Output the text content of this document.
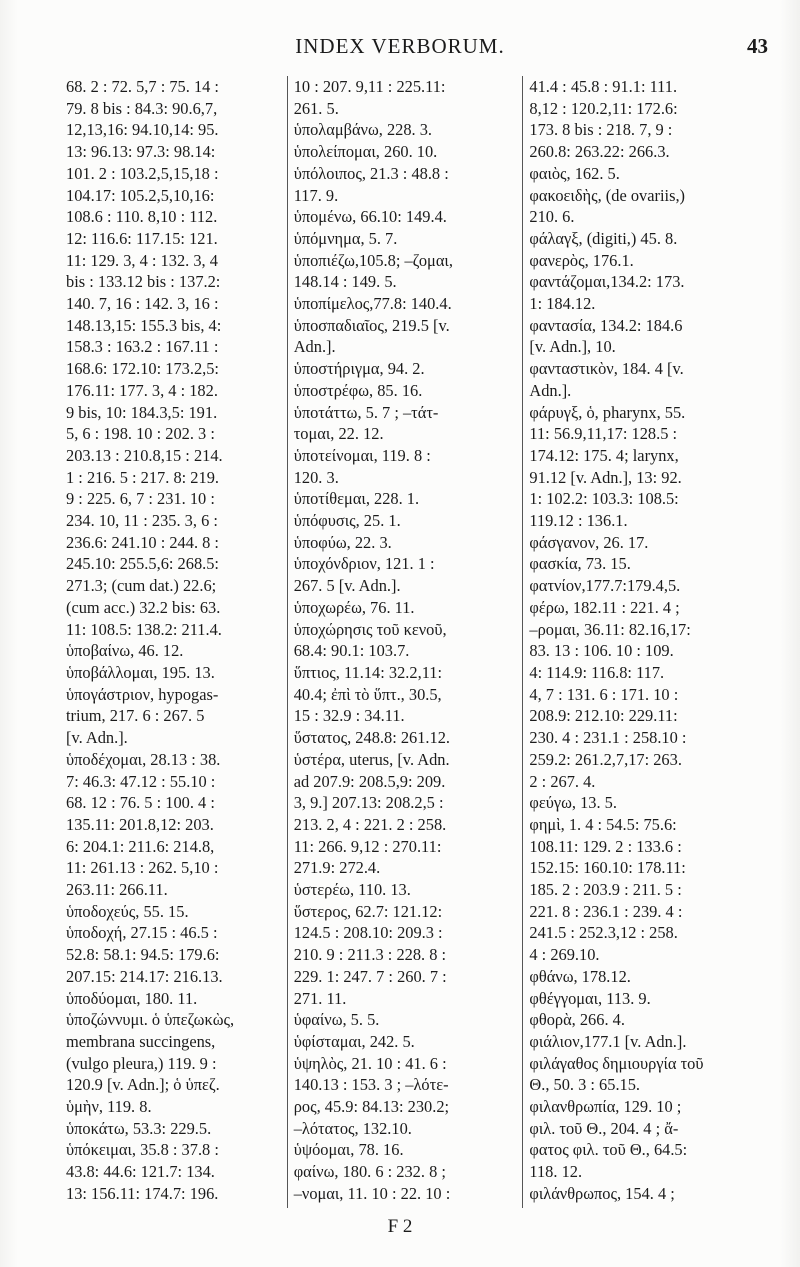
INDEX VERBORUM.	43
68. 2 : 72. 5,7 : 75. 14 :
79. 8 bis : 84.3: 90.6,7,
12,13,16: 94.10,14: 95.
13: 96.13: 97.3: 98.14:
101. 2 : 103.2,5,15,18 :
104.17: 105.2,5,10,16:
108.6 : 110. 8,10 : 112.
12: 116.6: 117.15: 121.
11: 129. 3, 4 : 132. 3, 4
bis : 133.12 bis : 137.2:
140. 7, 16 : 142. 3, 16 :
148.13,15: 155.3 bis, 4:
158.3 : 163.2 : 167.11 :
168.6: 172.10: 173.2,5:
176.11: 177. 3, 4 : 182.
9 bis, 10: 184.3,5: 191.
5, 6 : 198. 10 : 202. 3 :
203.13 : 210.8,15 : 214.
1 : 216. 5 : 217. 8: 219.
9 : 225. 6, 7 : 231. 10 :
234. 10, 11 : 235. 3, 6 :
236.6: 241.10 : 244. 8 :
245.10: 255.5,6: 268.5:
271.3; (cum dat.) 22.6;
(cum acc.) 32.2 bis: 63.
11: 108.5: 138.2: 211.4.
ὑποβαίνω, 46. 12.
ὑποβάλλομαι, 195. 13.
ὑπογάστριον, hypogas-
trium, 217. 6 : 267. 5
[v. Adn.].
ὑποδέχομαι, 28.13 : 38.
7: 46.3: 47.12 : 55.10 :
68. 12 : 76. 5 : 100. 4 :
135.11: 201.8,12: 203.
6: 204.1: 211.6: 214.8,
11: 261.13 : 262. 5,10 :
263.11: 266.11.
ὑποδοχεύς, 55. 15.
ὑποδοχή, 27.15 : 46.5 :
52.8: 58.1: 94.5: 179.6:
207.15: 214.17: 216.13.
ὑποδύομαι, 180. 11.
ὑποζώννυμι. ὁ ὑπεζωκὼς,
membrana succingens,
(vulgo pleura,) 119. 9 :
120.9 [v. Adn.]; ὁ ὑπεζ.
ὑμὴν, 119. 8.
ὑποκάτω, 53.3: 229.5.
ὑπόκειμαι, 35.8 : 37.8 :
43.8: 44.6: 121.7: 134.
13: 156.11: 174.7: 196.
10 : 207. 9,11 : 225.11:
261. 5.
ὑπολαμβάνω, 228. 3.
ὑπολείπομαι, 260. 10.
ὑπόλοιπος, 21.3 : 48.8 :
117. 9.
ὑπομένω, 66.10: 149.4.
ὑπόμνημα, 5. 7.
ὑποπιέζω,105.8; –ζομαι,
148.14 : 149. 5.
ὑποπίμελος,77.8: 140.4.
ὑποσπαδιαῖος, 219.5 [v.
Adn.].
ὑποστήριγμα, 94. 2.
ὑποστρέφω, 85. 16.
ὑποτάττω, 5. 7 ; –τάτ-
τομαι, 22. 12.
ὑποτείνομαι, 119. 8 :
120. 3.
ὑποτίθεμαι, 228. 1.
ὑπόφυσις, 25. 1.
ὑποφύω, 22. 3.
ὑποχόνδριον, 121. 1 :
267. 5 [v. Adn.].
ὑποχωρέω, 76. 11.
ὑποχώρησις τοῦ κενοῦ,
68.4: 90.1: 103.7.
ὕπτιος, 11.14: 32.2,11:
40.4; ἐπὶ τὸ ὕπτ., 30.5,
15 : 32.9 : 34.11.
ὕστατος, 248.8: 261.12.
ὑστέρα, uterus, [v. Adn.
ad 207.9: 208.5,9: 209.
3, 9.] 207.13: 208.2,5 :
213. 2, 4 : 221. 2 : 258.
11: 266. 9,12 : 270.11:
271.9: 272.4.
ὑστερέω, 110. 13.
ὕστερος, 62.7: 121.12:
124.5 : 208.10: 209.3 :
210. 9 : 211.3 : 228. 8 :
229. 1: 247. 7 : 260. 7 :
271. 11.
ὑφαίνω, 5. 5.
ὑφίσταμαι, 242. 5.
ὑψηλὸς, 21. 10 : 41. 6 :
140.13 : 153. 3 ; –λότε-
ρος, 45.9: 84.13: 230.2;
–λότατος, 132.10.
ὑψόομαι, 78. 16.
φαίνω, 180. 6 : 232. 8 ;
–νομαι, 11. 10 : 22. 10 :
41.4 : 45.8 : 91.1: 111.
8,12 : 120.2,11: 172.6:
173. 8 bis : 218. 7, 9 :
260.8: 263.22: 266.3.
φαιὸς, 162. 5.
φακοειδὴς, (de ovariis,)
210. 6.
φάλαγξ, (digiti,) 45. 8.
φανερὸς, 176.1.
φαντάζομαι,134.2: 173.
1: 184.12.
φαντασία, 134.2: 184.6
[v. Adn.], 10.
φανταστικὸν, 184. 4 [v.
Adn.].
φάρυγξ, ὁ, pharynx, 55.
11: 56.9,11,17: 128.5 :
174.12: 175. 4; larynx,
91.12 [v. Adn.], 13: 92.
1: 102.2: 103.3: 108.5:
119.12 : 136.1.
φάσγανον, 26. 17.
φασκία, 73. 15.
φατνίον,177.7:179.4,5.
φέρω, 182.11 : 221. 4 ;
–ρομαι, 36.11: 82.16,17:
83. 13 : 106. 10 : 109.
4: 114.9: 116.8: 117.
4, 7 : 131. 6 : 171. 10 :
208.9: 212.10: 229.11:
230. 4 : 231.1 : 258.10 :
259.2: 261.2,7,17: 263.
2 : 267. 4.
φεύγω, 13. 5.
φημὶ, 1. 4 : 54.5: 75.6:
108.11: 129. 2 : 133.6 :
152.15: 160.10: 178.11:
185. 2 : 203.9 : 211. 5 :
221. 8 : 236.1 : 239. 4 :
241.5 : 252.3,12 : 258.
4 : 269.10.
φθάνω, 178.12.
φθέγγομαι, 113. 9.
φθορὰ, 266. 4.
φιάλιον,177.1 [v. Adn.].
φιλάγαθος δημιουργία τοῦ
Θ., 50. 3 : 65.15.
φιλανθρωπία, 129. 10 ;
φιλ. τοῦ Θ., 204. 4 ; ἄ-
φατος φιλ. τοῦ Θ., 64.5:
118. 12.
φιλάνθρωπος, 154. 4 ;
F 2
